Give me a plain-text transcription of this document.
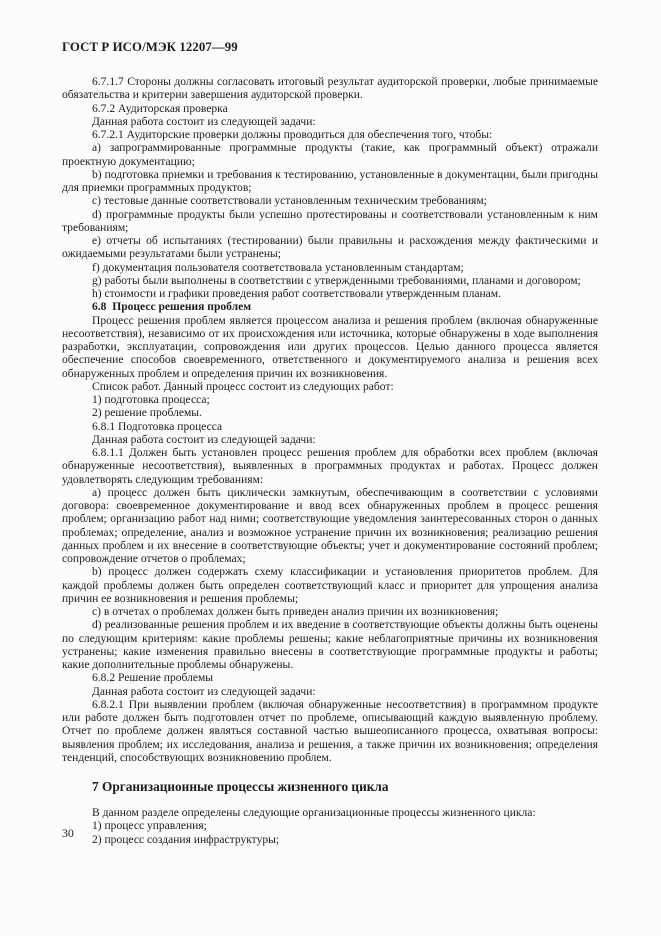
ГОСТ Р ИСО/МЭК 12207—99

6.7.1.7 Стороны должны согласовать итоговый результат аудиторской проверки, любые принимаемые обязательства и критерии завершения аудиторской проверки.

6.7.2 Аудиторская проверка

Данная работа состоит из следующей задачи:

6.7.2.1 Аудиторские проверки должны проводиться для обеспечения того, чтобы:

a) запрограммированные программные продукты (такие, как программный объект) отражали проектную документацию;

b) подготовка приемки и требования к тестированию, установленные в документации, были пригодны для приемки программных продуктов;

c) тестовые данные соответствовали установленным техническим требованиям;

d) программные продукты были успешно протестированы и соответствовали установленным к ним требованиям;

e) отчеты об испытаниях (тестировании) были правильны и расхождения между фактическими и ожидаемыми результатами были устранены;

f) документация пользователя соответствовала установленным стандартам;

g) работы были выполнены в соответствии с утвержденными требованиями, планами и договором;

h) стоимости и графики проведения работ соответствовали утвержденным планам.

6.8 Процесс решения проблем

Процесс решения проблем является процессом анализа и решения проблем (включая обнаруженные несоответствия), независимо от их происхождения или источника, которые обнаружены в ходе выполнения разработки, эксплуатации, сопровождения или других процессов. Целью данного процесса является обеспечение способов своевременного, ответственного и документируемого анализа и решения всех обнаруженных проблем и определения причин их возникновения.

Список работ. Данный процесс состоит из следующих работ:

1) подготовка процесса;

2) решение проблемы.

6.8.1 Подготовка процесса

Данная работа состоит из следующей задачи:

6.8.1.1 Должен быть установлен процесс решения проблем для обработки всех проблем (включая обнаруженные несоответствия), выявленных в программных продуктах и работах. Процесс должен удовлетворять следующим требованиям:

a) процесс должен быть циклически замкнутым, обеспечивающим в соответствии с условиями договора: своевременное документирование и ввод всех обнаруженных проблем в процесс решения проблем; организацию работ над ними; соответствующие уведомления заинтересованных сторон о данных проблемах; определение, анализ и возможное устранение причин их возникновения; реализацию решения данных проблем и их внесение в соответствующие объекты; учет и документирование состояний проблем; сопровождение отчетов о проблемах;

b) процесс должен содержать схему классификации и установления приоритетов проблем. Для каждой проблемы должен быть определен соответствующий класс и приоритет для упрощения анализа причин ее возникновения и решения проблемы;

c) в отчетах о проблемах должен быть приведен анализ причин их возникновения;

d) реализованные решения проблем и их введение в соответствующие объекты должны быть оценены по следующим критериям: какие проблемы решены; какие неблагоприятные причины их возникновения устранены; какие изменения правильно внесены в соответствующие программные продукты и работы; какие дополнительные проблемы обнаружены.

6.8.2 Решение проблемы

Данная работа состоит из следующей задачи:

6.8.2.1 При выявлении проблем (включая обнаруженные несоответствия) в программном продукте или работе должен быть подготовлен отчет по проблеме, описывающий каждую выявленную проблему. Отчет по проблеме должен являться составной частью вышеописанного процесса, охватывая вопросы: выявления проблем; их исследования, анализа и решения, а также причин их возникновения; определения тенденций, способствующих возникновению проблем.

7 Организационные процессы жизненного цикла

В данном разделе определены следующие организационные процессы жизненного цикла:

1) процесс управления;

2) процесс создания инфраструктуры;

30
